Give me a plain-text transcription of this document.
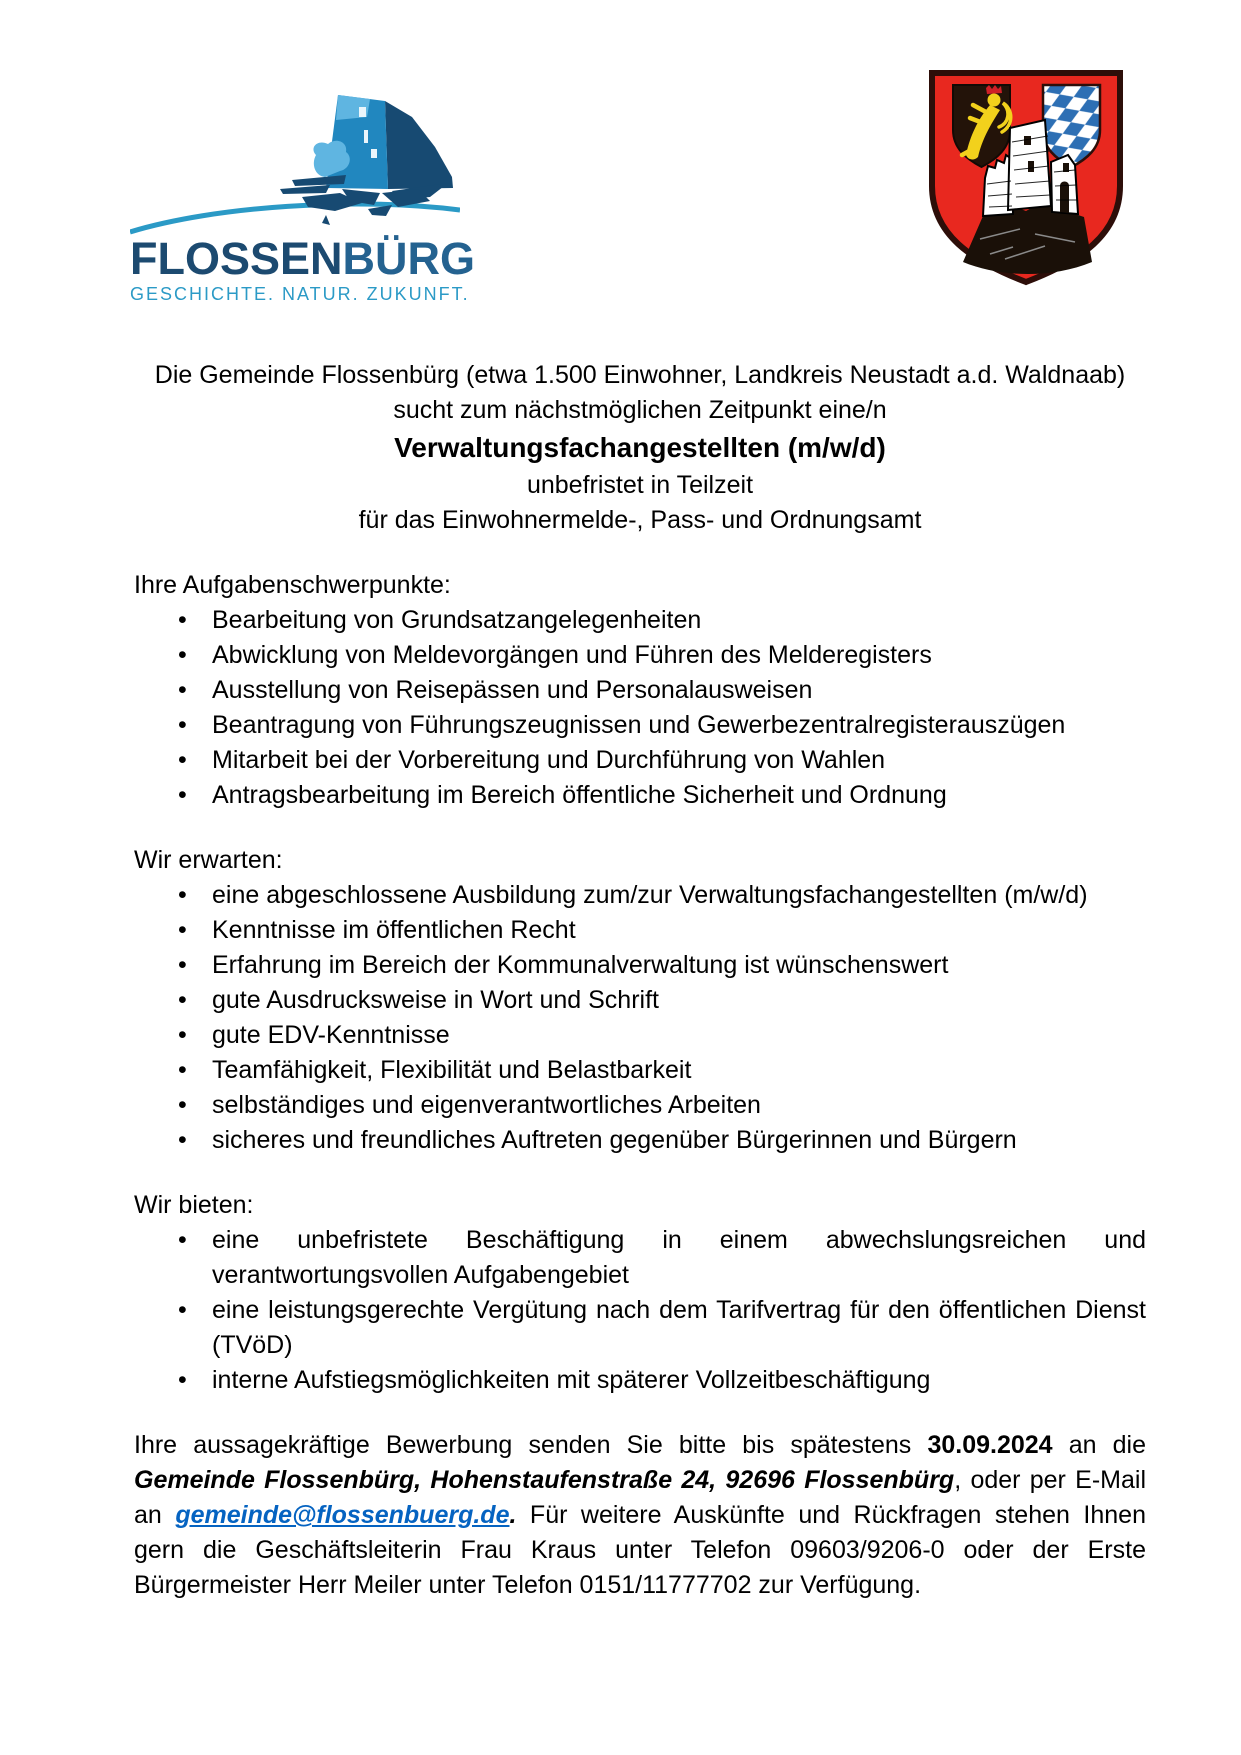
FLOSSENBÜRG
GESCHICHTE. NATUR. ZUKUNFT.

Die Gemeinde Flossenbürg (etwa 1.500 Einwohner, Landkreis Neustadt a.d. Waldnaab)

sucht zum nächstmöglichen Zeitpunkt eine/n

Verwaltungsfachangestellten (m/w/d)

unbefristet in Teilzeit

für das Einwohnermelde-, Pass- und Ordnungsamt

Ihre Aufgabenschwerpunkte:

• Bearbeitung von Grundsatzangelegenheiten
• Abwicklung von Meldevorgängen und Führen des Melderegisters
• Ausstellung von Reisepässen und Personalausweisen
• Beantragung von Führungszeugnissen und Gewerbezentralregisterauszügen
• Mitarbeit bei der Vorbereitung und Durchführung von Wahlen
• Antragsbearbeitung im Bereich öffentliche Sicherheit und Ordnung

Wir erwarten:

• eine abgeschlossene Ausbildung zum/zur Verwaltungsfachangestellten (m/w/d)
• Kenntnisse im öffentlichen Recht
• Erfahrung im Bereich der Kommunalverwaltung ist wünschenswert
• gute Ausdrucksweise in Wort und Schrift
• gute EDV-Kenntnisse
• Teamfähigkeit, Flexibilität und Belastbarkeit
• selbständiges und eigenverantwortliches Arbeiten
• sicheres und freundliches Auftreten gegenüber Bürgerinnen und Bürgern

Wir bieten:

• eine unbefristete Beschäftigung in einem abwechslungsreichen und verantwortungsvollen Aufgabengebiet
• eine leistungsgerechte Vergütung nach dem Tarifvertrag für den öffentlichen Dienst (TVöD)
• interne Aufstiegsmöglichkeiten mit späterer Vollzeitbeschäftigung

Ihre aussagekräftige Bewerbung senden Sie bitte bis spätestens 30.09.2024 an die Gemeinde Flossenbürg, Hohenstaufenstraße 24, 92696 Flossenbürg, oder per E-Mail an gemeinde@flossenbuerg.de. Für weitere Auskünfte und Rückfragen stehen Ihnen gern die Geschäftsleiterin Frau Kraus unter Telefon 09603/9206-0 oder der Erste Bürgermeister Herr Meiler unter Telefon 0151/11777702 zur Verfügung.
